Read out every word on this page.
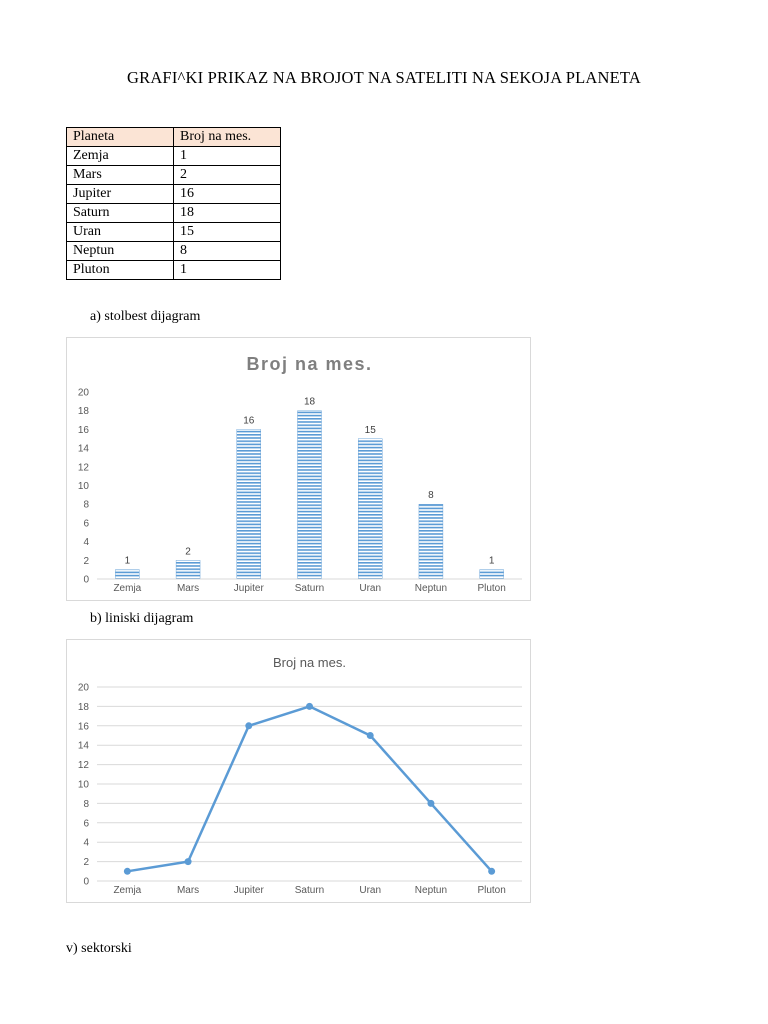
GRAFI^KI PRIKAZ NA BROJOT NA SATELITI NA SEKOJA PLANETA
Planeta	Broj na mes.
Zemja	1
Mars	2
Jupiter	16
Saturn	18
Uran	15
Neptun	8
Pluton	1
a) stolbest dijagram
Broj na mes.
0
2
4
6
8
10
12
14
16
18
20
1
Zemja
2
Mars
16
Jupiter
18
Saturn
15
Uran
8
Neptun
1
Pluton
b) liniski dijagram
Broj na mes.
0
2
4
6
8
10
12
14
16
18
20
Zemja	Mars	Jupiter	Saturn	Uran	Neptun	Pluton
v) sektorski
